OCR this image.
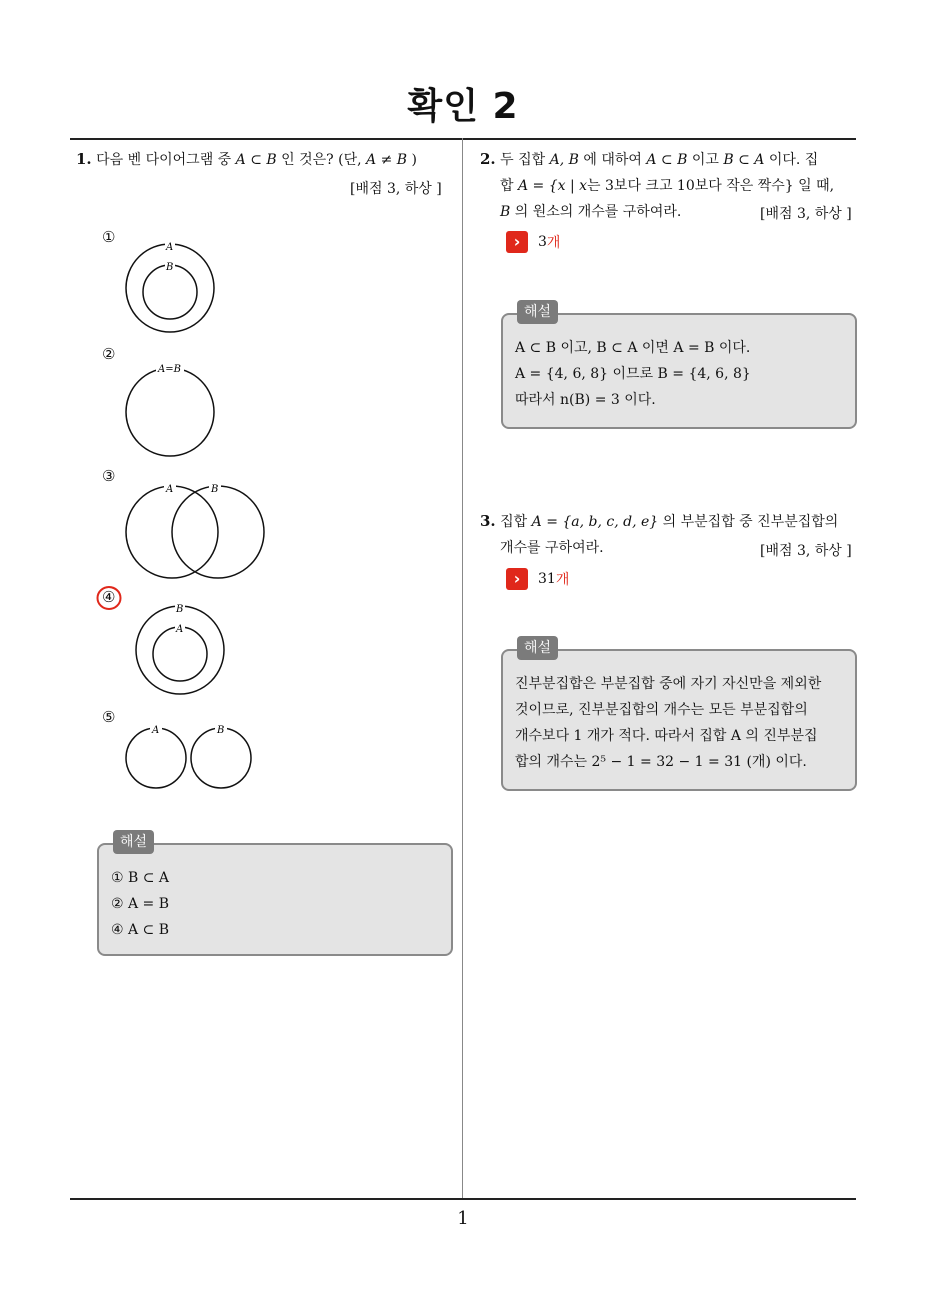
확인 2
1. 다음 벤 다이어그램 중 A ⊂ B 인 것은? (단, A ≠ B )
[배점 3, 하상 ]
①
A
B
②
A=B
③
A	B
④
B
A
⑤
A	B
해설
① B ⊂ A
② A = B
④ A ⊂ B
2. 두 집합 A, B 에 대하여 A ⊂ B 이고 B ⊂ A 이다. 집
합 A = {x | x는 3보다 크고 10보다 작은 짝수} 일 때,
B 의 원소의 개수를 구하여라.	[배점 3, 하상 ]
›	3 개
해설
A ⊂ B 이고, B ⊂ A 이면 A = B 이다.
A = {4, 6, 8} 이므로 B = {4, 6, 8}
따라서 n(B) = 3 이다.
3. 집합 A = {a, b, c, d, e} 의 부분집합 중 진부분집합의
개수를 구하여라.	[배점 3, 하상 ]
›	31 개
해설
진부분집합은 부분집합 중에 자기 자신만을 제외한
것이므로, 진부분집합의 개수는 모든 부분집합의
개수보다 1 개가 적다. 따라서 집합 A 의 진부분집
합의 개수는 2⁵ − 1 = 32 − 1 = 31 (개) 이다.
1
